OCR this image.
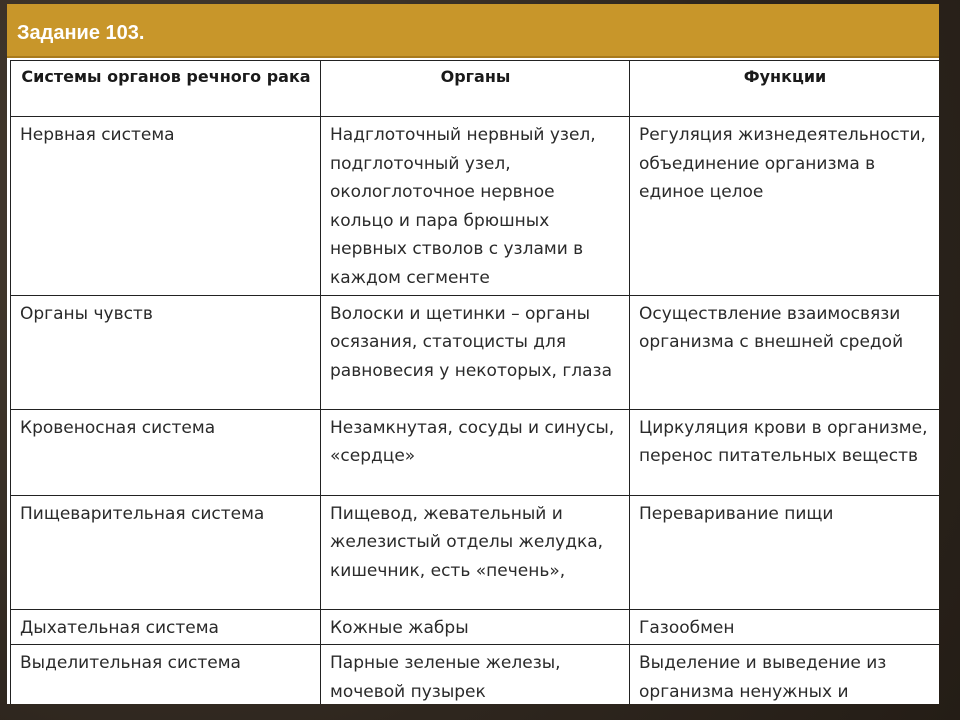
Задание 103.
Системы органов речного рака	Органы	Функции
Нервная система	Надглоточный нервный узел, подглоточный узел, окологлоточное нервное кольцо и пара брюшных нервных стволов с узлами в каждом сегменте	Регуляция жизнедеятельности, объединение организма в единое целое
Органы чувств	Волоски и щетинки – органы осязания, статоцисты для равновесия у некоторых, глаза	Осуществление взаимосвязи организма с внешней средой
Кровеносная система	Незамкнутая, сосуды и синусы, «сердце»	Циркуляция крови в организме, перенос питательных веществ
Пищеварительная система	Пищевод, жевательный и железистый отделы желудка, кишечник, есть «печень»,	Переваривание пищи
Дыхательная система	Кожные жабры	Газообмен
Выделительная система	Парные зеленые железы, мочевой пузырек	Выделение и выведение из организма ненужных и
